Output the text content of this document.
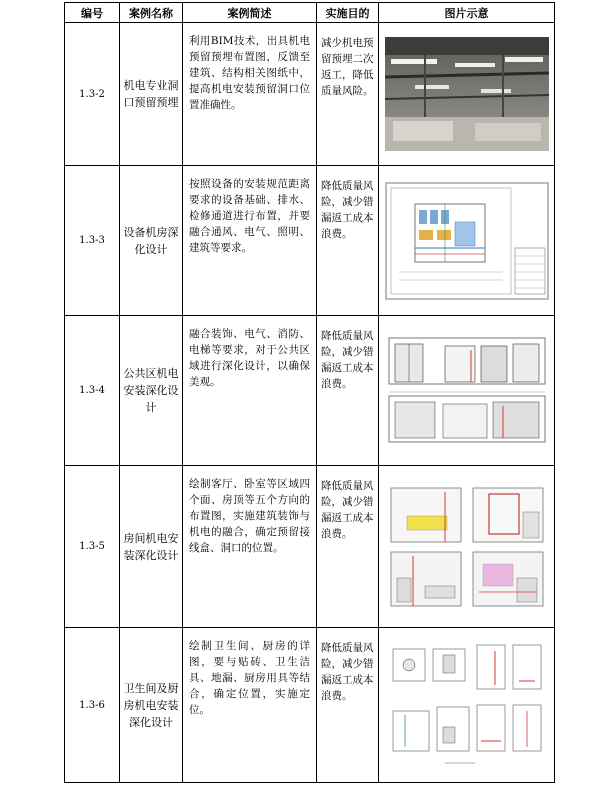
编号	案例名称	案例简述	实施目的	图片示意
1.3-2	机电专业洞口预留预埋	利用BIM技术，出具机电预留预埋布置图，反馈至建筑、结构相关图纸中，提高机电安装预留洞口位置准确性。	减少机电预留预埋二次返工，降低质量风险。	

1.3-3	设备机房深化设计	按照设备的安装规范距离要求的设备基础、排水、检修通道进行布置，并要融合通风、电气、照明、建筑等要求。	降低质量风险，减少错漏返工成本浪费。	

1.3-4	公共区机电安装深化设计	融合装饰、电气、消防、电梯等要求，对于公共区域进行深化设计，以确保美观。	降低质量风险，减少错漏返工成本浪费。	

1.3-5	房间机电安装深化设计	绘制客厅、卧室等区域四个面、房顶等五个方向的布置图，实施建筑装饰与机电的融合，确定预留接线盒、洞口的位置。	降低质量风险，减少错漏返工成本浪费。	

1.3-6	卫生间及厨房机电安装深化设计	绘制卫生间、厨房的详图，要与贴砖、卫生洁具、地漏、厨房用具等结合，确定位置，实施定位。	降低质量风险，减少错漏返工成本浪费。	
